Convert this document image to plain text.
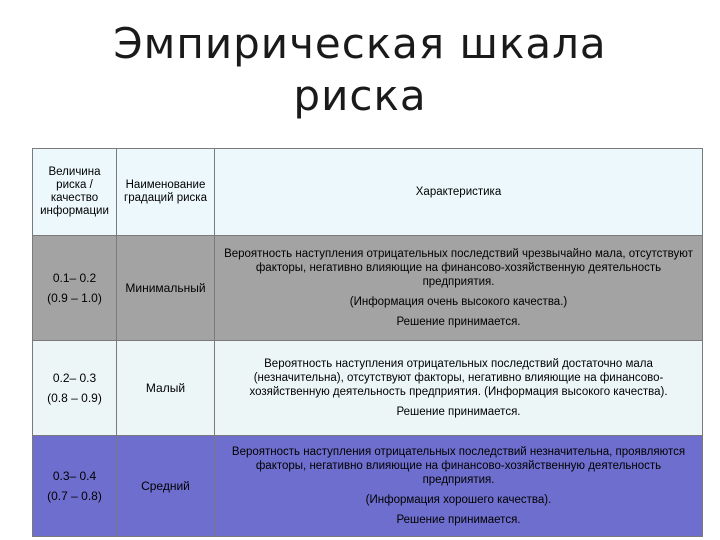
Эмпирическая шкала
риска
Величина риска / качество информации	Наименование градаций риска	Характеристика

0.1– 0.2
(0.9 – 1.0)	Минимальный	Вероятность наступления отрицательных последствий чрезвычайно мала, отсутствуют факторы, негативно влияющие на финансово-хозяйственную деятельность предприятия.
(Информация очень высокого качества.)
Решение принимается.

0.2– 0.3
(0.8 – 0.9)	Малый	Вероятность наступления отрицательных последствий достаточно мала (незначительна), отсутствуют факторы, негативно влияющие на финансово-хозяйственную деятельность предприятия. (Информация высокого качества).
Решение принимается.

0.3– 0.4
(0.7 – 0.8)	Средний	Вероятность наступления отрицательных последствий незначительна, проявляются факторы, негативно влияющие на финансово-хозяйственную деятельность предприятия.
(Информация хорошего качества).
Решение принимается.
